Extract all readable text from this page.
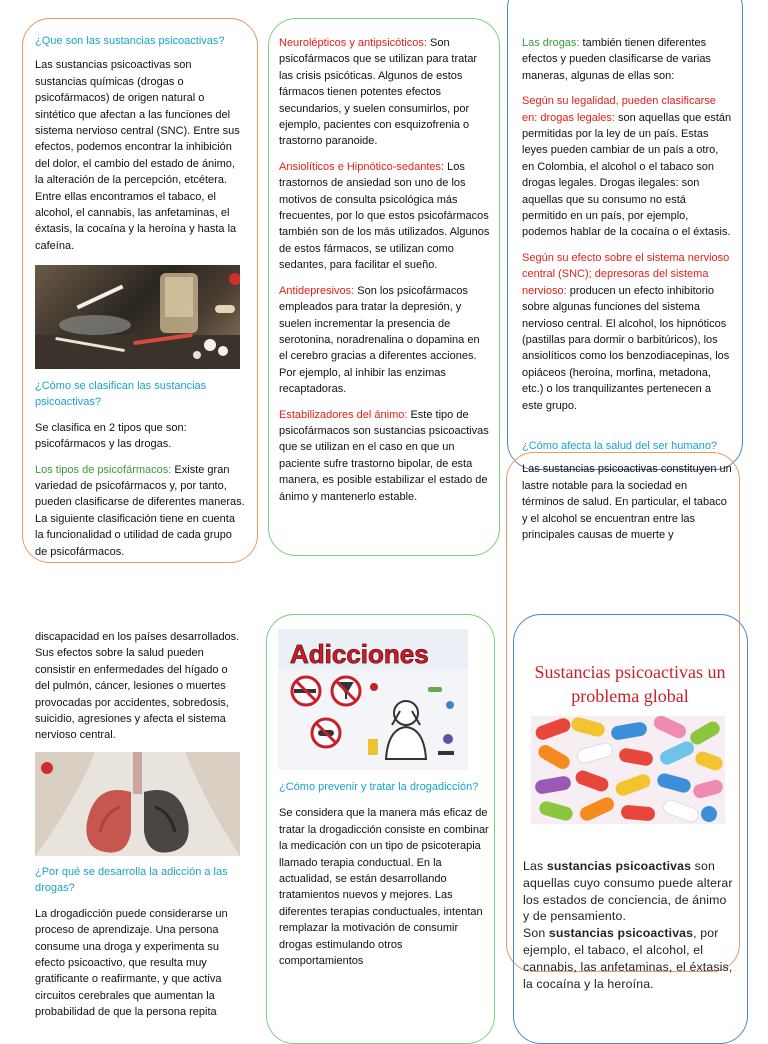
¿Que son las sustancias psicoactivas?

Las sustancias psicoactivas son sustancias químicas (drogas o psicofármacos) de origen natural o sintético que afectan a las funciones del sistema nervioso central (SNC). Entre sus efectos, podemos encontrar la inhibición del dolor, el cambio del estado de ánimo, la alteración de la percepción, etcétera. Entre ellas encontramos el tabaco, el alcohol, el cannabis, las anfetaminas, el éxtasis, la cocaína y la heroína y hasta la cafeína.

¿Cómo se clasifican las sustancias psicoactivas?

Se clasifica en 2 tipos que son: psicofármacos y las drogas.

Los tipos de psicofármacos: Existe gran variedad de psicofármacos y, por tanto, pueden clasificarse de diferentes maneras. La siguiente clasificación tiene en cuenta la funcionalidad o utilidad de cada grupo de psicofármacos.

Neurolépticos y antipsicóticos: Son psicofármacos que se utilizan para tratar las crisis psicóticas. Algunos de estos fármacos tienen potentes efectos secundarios, y suelen consumirlos, por ejemplo, pacientes con esquizofrenia o trastorno paranoide.

Ansiolíticos e Hipnótico-sedantes: Los trastornos de ansiedad son uno de los motivos de consulta psicológica más frecuentes, por lo que estos psicofármacos también son de los más utilizados. Algunos de estos fármacos, se utilizan como sedantes, para facilitar el sueño.

Antidepresivos: Son los psicofármacos empleados para tratar la depresión, y suelen incrementar la presencia de serotonina, noradrenalina o dopamina en el cerebro gracias a diferentes acciones. Por ejemplo, al inhibir las enzimas recaptadoras.

Estabilizadores del ánimo: Este tipo de psicofármacos son sustancias psicoactivas que se utilizan en el caso en que un paciente sufre trastorno bipolar, de esta manera, es posible estabilizar el estado de ánimo y mantenerlo estable.

Las drogas: también tienen diferentes efectos y pueden clasificarse de varias maneras, algunas de ellas son:

Según su legalidad, pueden clasificarse en: drogas legales: son aquellas que están permitidas por la ley de un país. Estas leyes pueden cambiar de un país a otro, en Colombia, el alcohol o el tabaco son drogas legales. Drogas ilegales: son aquellas que su consumo no está permitido en un país, por ejemplo, podemos hablar de la cocaína o el éxtasis.

Según su efecto sobre el sistema nervioso central (SNC); depresoras del sistema nervioso: producen un efecto inhibitorio sobre algunas funciones del sistema nervioso central. El alcohol, los hipnóticos (pastillas para dormir o barbitúricos), los ansiolíticos como los benzodiacepinas, los opiáceos (heroína, morfina, metadona, etc.) o los tranquilizantes pertenecen a este grupo.

¿Cómo afecta la salud del ser humano?

Las sustancias psicoactivas constituyen un lastre notable para la sociedad en términos de salud. En particular, el tabaco y el alcohol se encuentran entre las principales causas de muerte y

discapacidad en los países desarrollados. Sus efectos sobre la salud pueden consistir en enfermedades del hígado o del pulmón, cáncer, lesiones o muertes provocadas por accidentes, sobredosis, suicidio, agresiones y afecta el sistema nervioso central.

¿Por qué se desarrolla la adicción a las drogas?

La drogadicción puede considerarse un proceso de aprendizaje. Una persona consume una droga y experimenta su efecto psicoactivo, que resulta muy gratificante o reafirmante, y que activa circuitos cerebrales que aumentan la probabilidad de que la persona repita

Adicciones

¿Cómo prevenir y tratar la drogadicción?

Se considera que la manera más eficaz de tratar la drogadicción consiste en combinar la medicación con un tipo de psicoterapia llamado terapia conductual. En la actualidad, se están desarrollando tratamientos nuevos y mejores. Las diferentes terapias conductuales, intentan remplazar la motivación de consumir drogas estimulando otros comportamientos

Sustancias psicoactivas un problema global
Las sustancias psicoactivas son aquellas cuyo consumo puede alterar los estados de conciencia, de ánimo y de pensamiento.
Son sustancias psicoactivas, por ejemplo, el tabaco, el alcohol, el cannabis, las anfetaminas, el éxtasis, la cocaína y la heroína.
